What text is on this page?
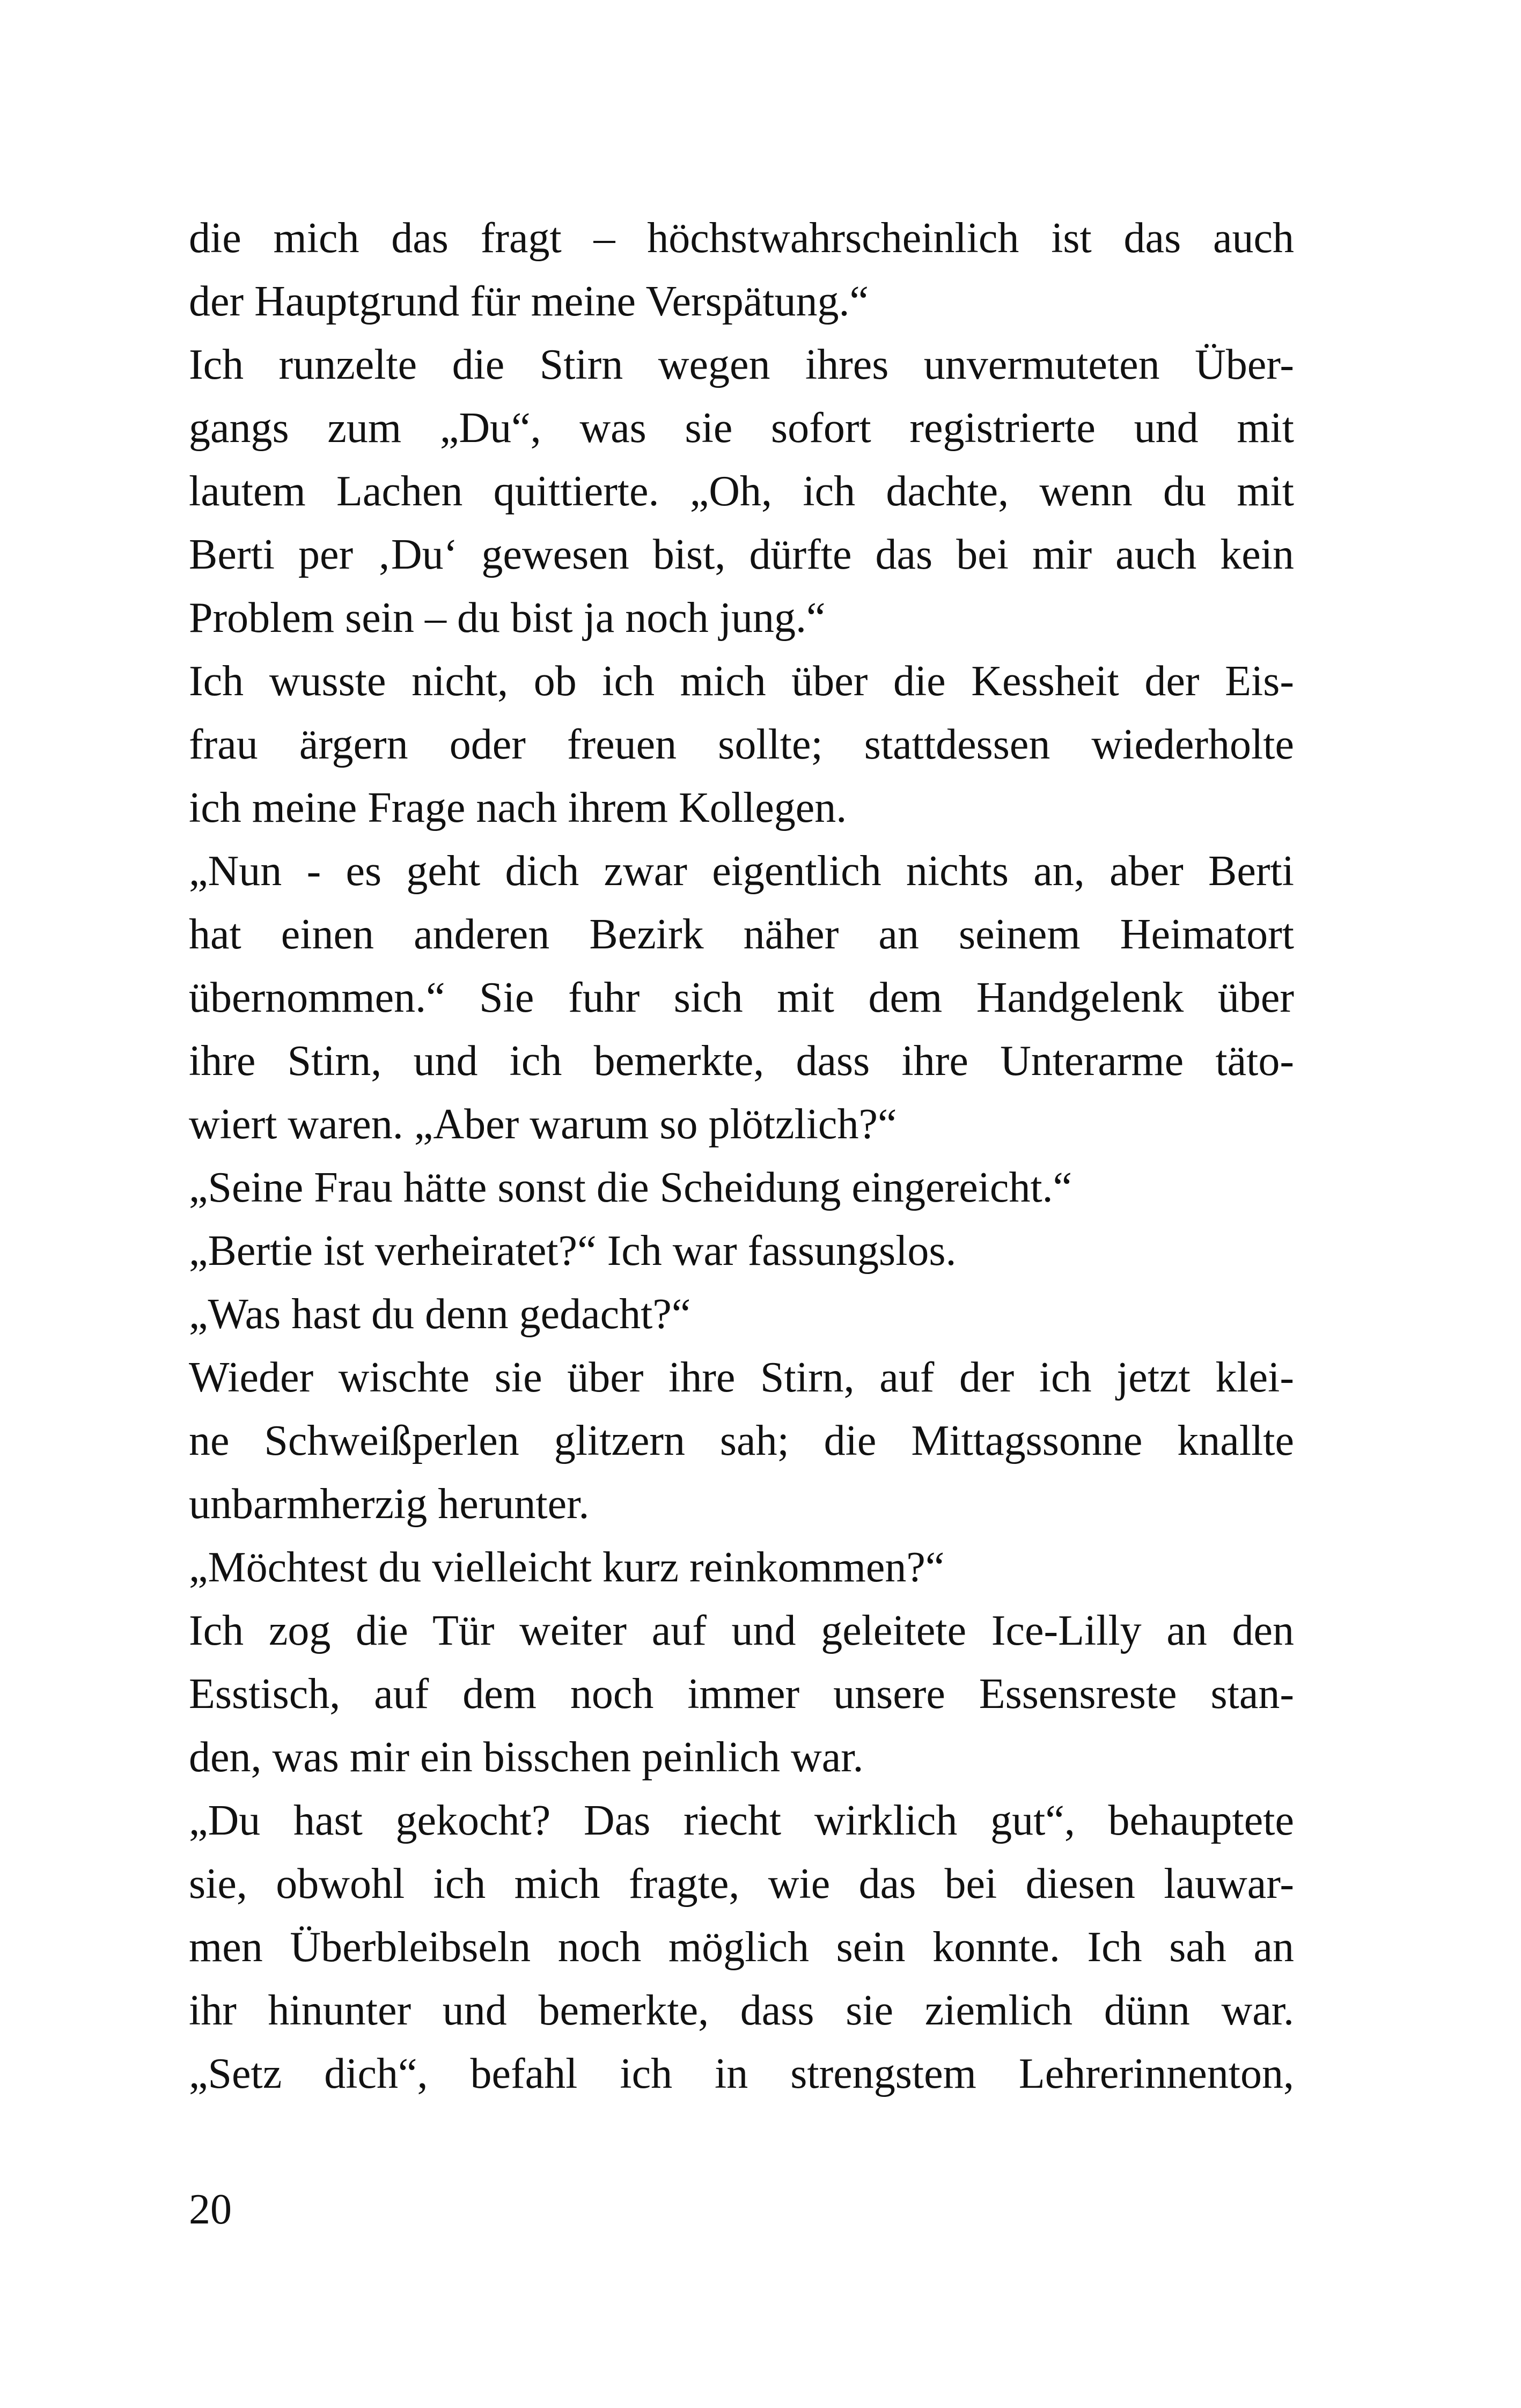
die mich das fragt – höchstwahrscheinlich ist das auch
der Hauptgrund für meine Verspätung.“
Ich runzelte die Stirn wegen ihres unvermuteten Über-
gangs zum „Du“, was sie sofort registrierte und mit
lautem Lachen quittierte. „Oh, ich dachte, wenn du mit
Berti per ‚Du‘ gewesen bist, dürfte das bei mir auch kein
Problem sein – du bist ja noch jung.“
Ich wusste nicht, ob ich mich über die Kessheit der Eis-
frau ärgern oder freuen sollte; stattdessen wiederholte
ich meine Frage nach ihrem Kollegen.
„Nun - es geht dich zwar eigentlich nichts an, aber Berti
hat einen anderen Bezirk näher an seinem Heimatort
übernommen.“ Sie fuhr sich mit dem Handgelenk über
ihre Stirn, und ich bemerkte, dass ihre Unterarme täto-
wiert waren. „Aber warum so plötzlich?“
„Seine Frau hätte sonst die Scheidung eingereicht.“
„Bertie ist verheiratet?“ Ich war fassungslos.
„Was hast du denn gedacht?“
Wieder wischte sie über ihre Stirn, auf der ich jetzt klei-
ne Schweißperlen glitzern sah; die Mittagssonne knallte
unbarmherzig herunter.
„Möchtest du vielleicht kurz reinkommen?“
Ich zog die Tür weiter auf und geleitete Ice-Lilly an den
Esstisch, auf dem noch immer unsere Essensreste stan-
den, was mir ein bisschen peinlich war.
„Du hast gekocht? Das riecht wirklich gut“, behauptete
sie, obwohl ich mich fragte, wie das bei diesen lauwar-
men Überbleibseln noch möglich sein konnte. Ich sah an
ihr hinunter und bemerkte, dass sie ziemlich dünn war.
„Setz dich“, befahl ich in strengstem Lehrerinnenton,
20
